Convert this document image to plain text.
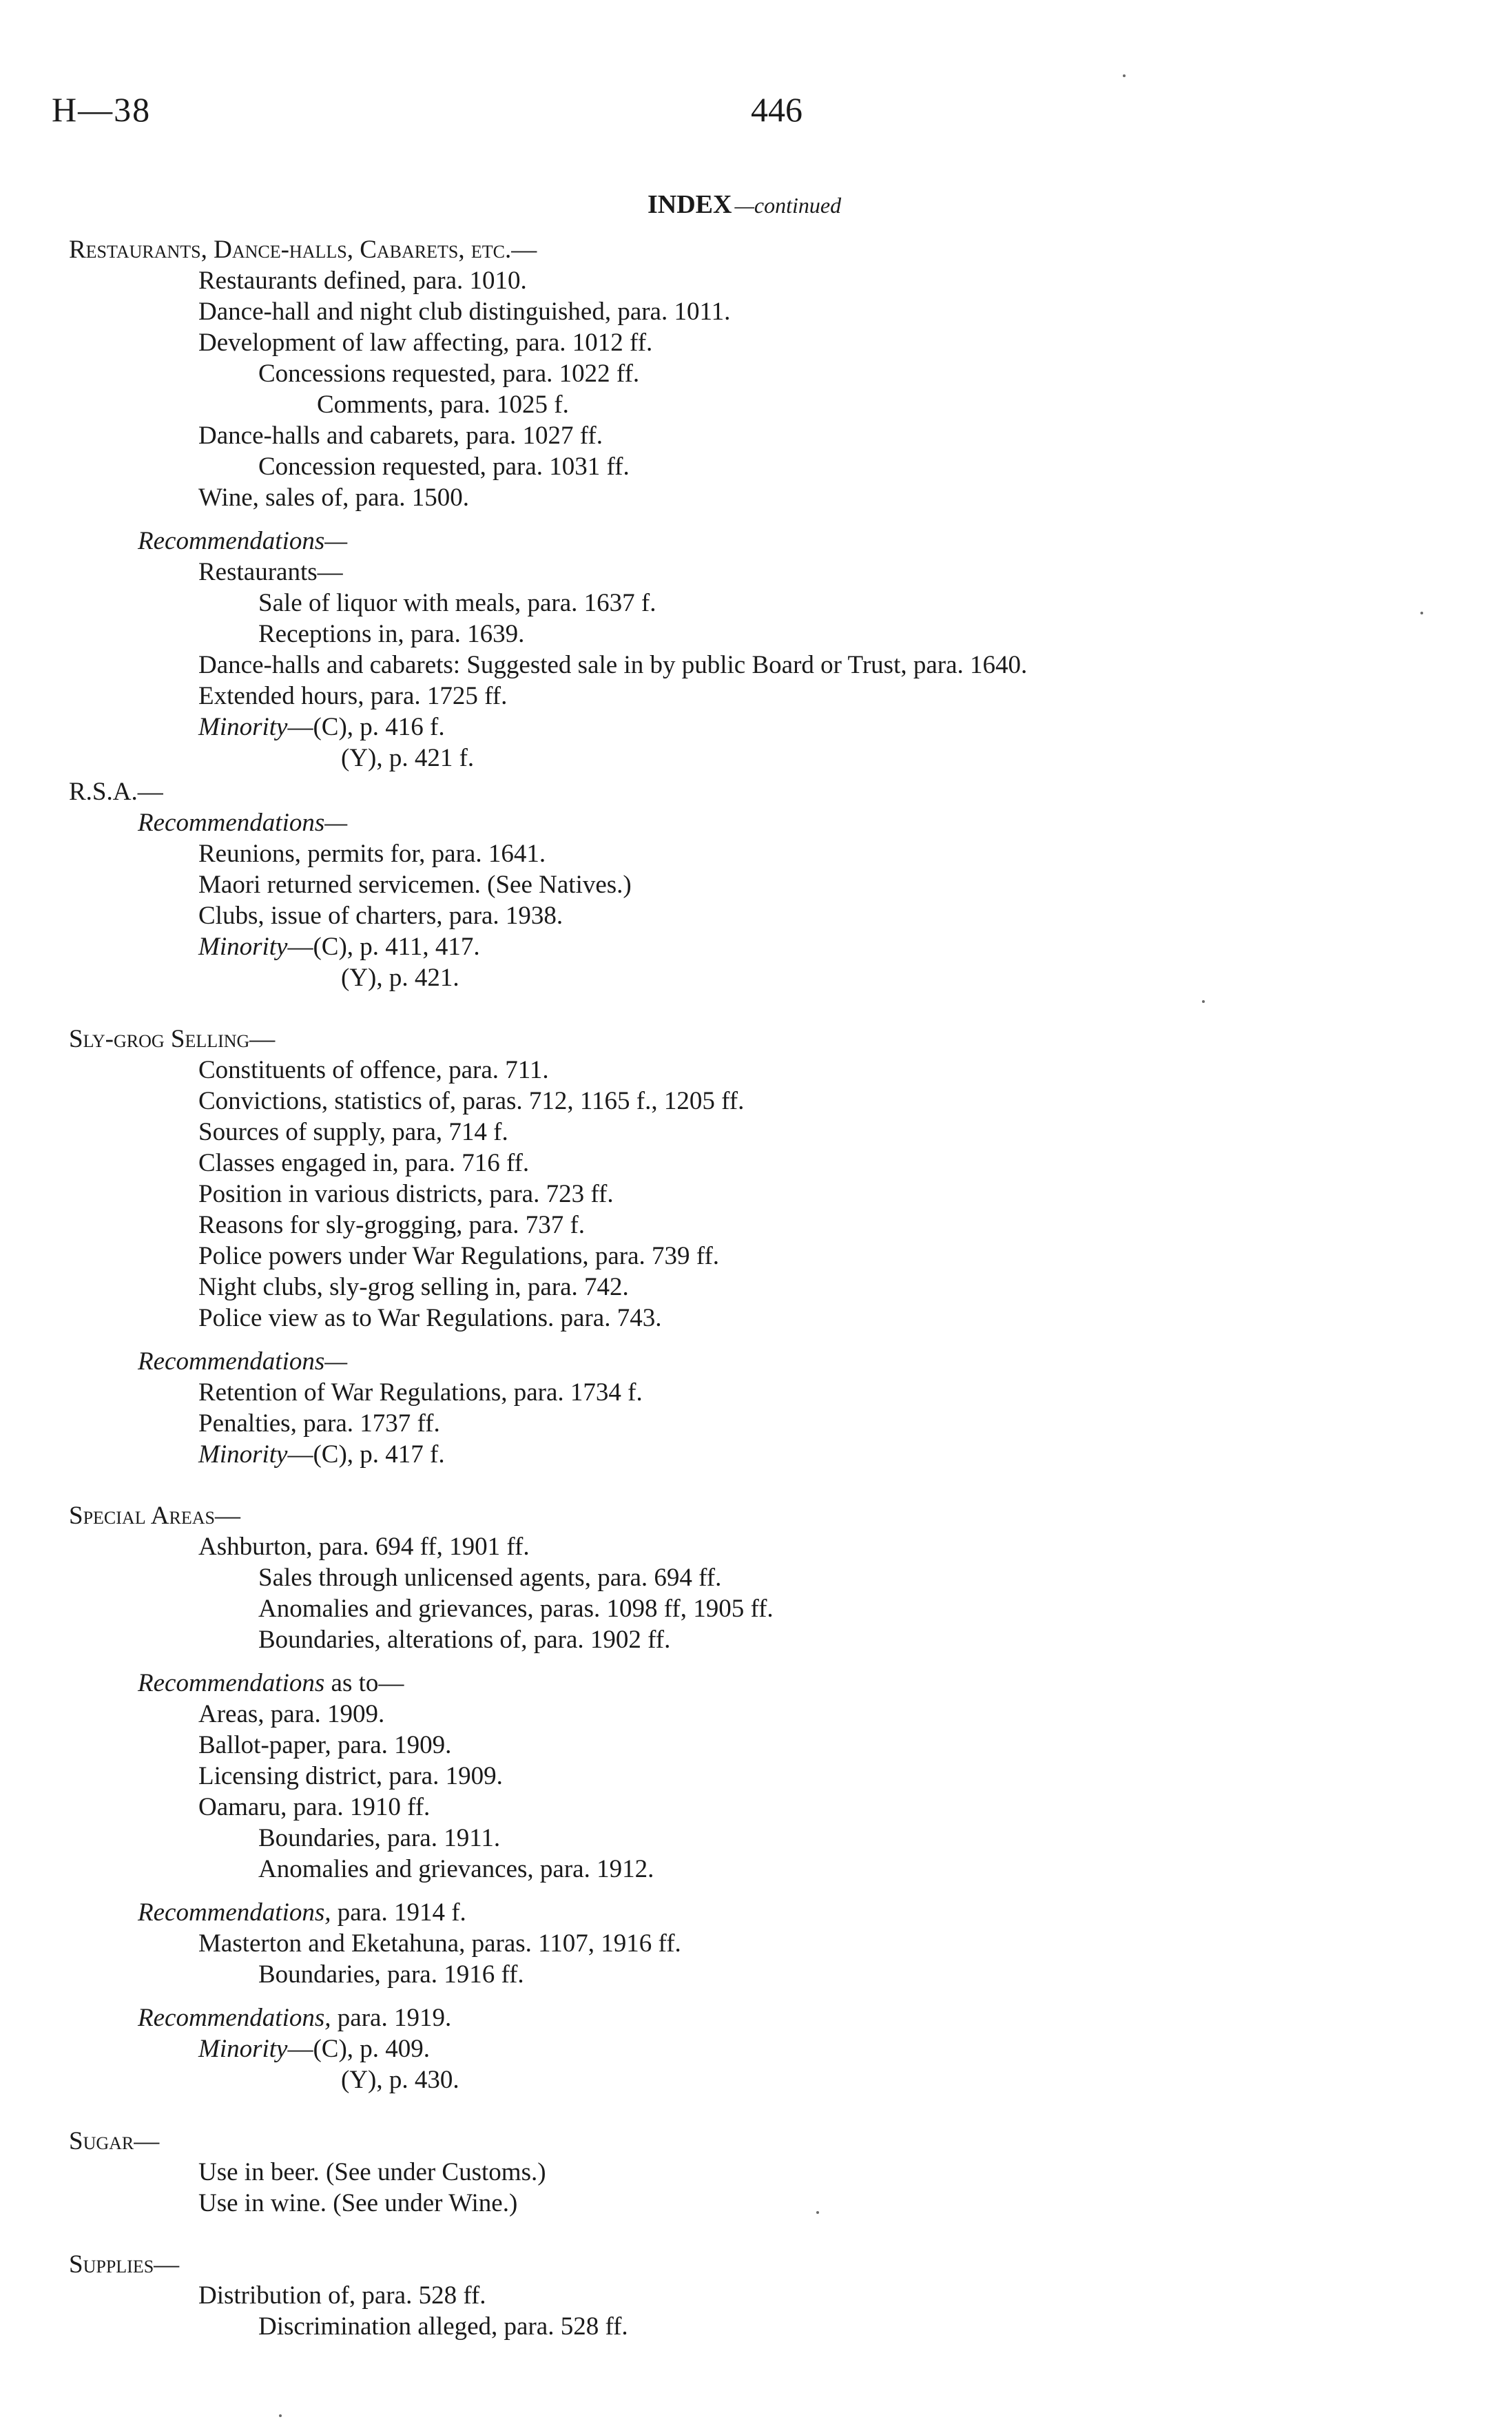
H—38	446
INDEX —continued
Restaurants, Dance-halls, Cabarets, etc.—
Restaurants defined, para. 1010.
Dance-hall and night club distinguished, para. 1011.
Development of law affecting, para. 1012 ff.
Concessions requested, para. 1022 ff.
Comments, para. 1025 f.
Dance-halls and cabarets, para. 1027 ff.
Concession requested, para. 1031 ff.
Wine, sales of, para. 1500.
Recommendations—
Restaurants—
Sale of liquor with meals, para. 1637 f.
Receptions in, para. 1639.
Dance-halls and cabarets: Suggested sale in by public Board or Trust, para. 1640.
Extended hours, para. 1725 ff.
Minority—(C), p. 416 f.
(Y), p. 421 f.
R.S.A.—
Recommendations—
Reunions, permits for, para. 1641.
Maori returned servicemen. (See Natives.)
Clubs, issue of charters, para. 1938.
Minority—(C), p. 411, 417.
(Y), p. 421.
Sly-grog Selling—
Constituents of offence, para. 711.
Convictions, statistics of, paras. 712, 1165 f., 1205 ff.
Sources of supply, para, 714 f.
Classes engaged in, para. 716 ff.
Position in various districts, para. 723 ff.
Reasons for sly-grogging, para. 737 f.
Police powers under War Regulations, para. 739 ff.
Night clubs, sly-grog selling in, para. 742.
Police view as to War Regulations. para. 743.
Recommendations—
Retention of War Regulations, para. 1734 f.
Penalties, para. 1737 ff.
Minority—(C), p. 417 f.
Special Areas—
Ashburton, para. 694 ff, 1901 ff.
Sales through unlicensed agents, para. 694 ff.
Anomalies and grievances, paras. 1098 ff, 1905 ff.
Boundaries, alterations of, para. 1902 ff.
Recommendations as to—
Areas, para. 1909.
Ballot-paper, para. 1909.
Licensing district, para. 1909.
Oamaru, para. 1910 ff.
Boundaries, para. 1911.
Anomalies and grievances, para. 1912.
Recommendations, para. 1914 f.
Masterton and Eketahuna, paras. 1107, 1916 ff.
Boundaries, para. 1916 ff.
Recommendations, para. 1919.
Minority—(C), p. 409.
(Y), p. 430.
Sugar—
Use in beer. (See under Customs.)
Use in wine. (See under Wine.)
Supplies—
Distribution of, para. 528 ff.
Discrimination alleged, para. 528 ff.
